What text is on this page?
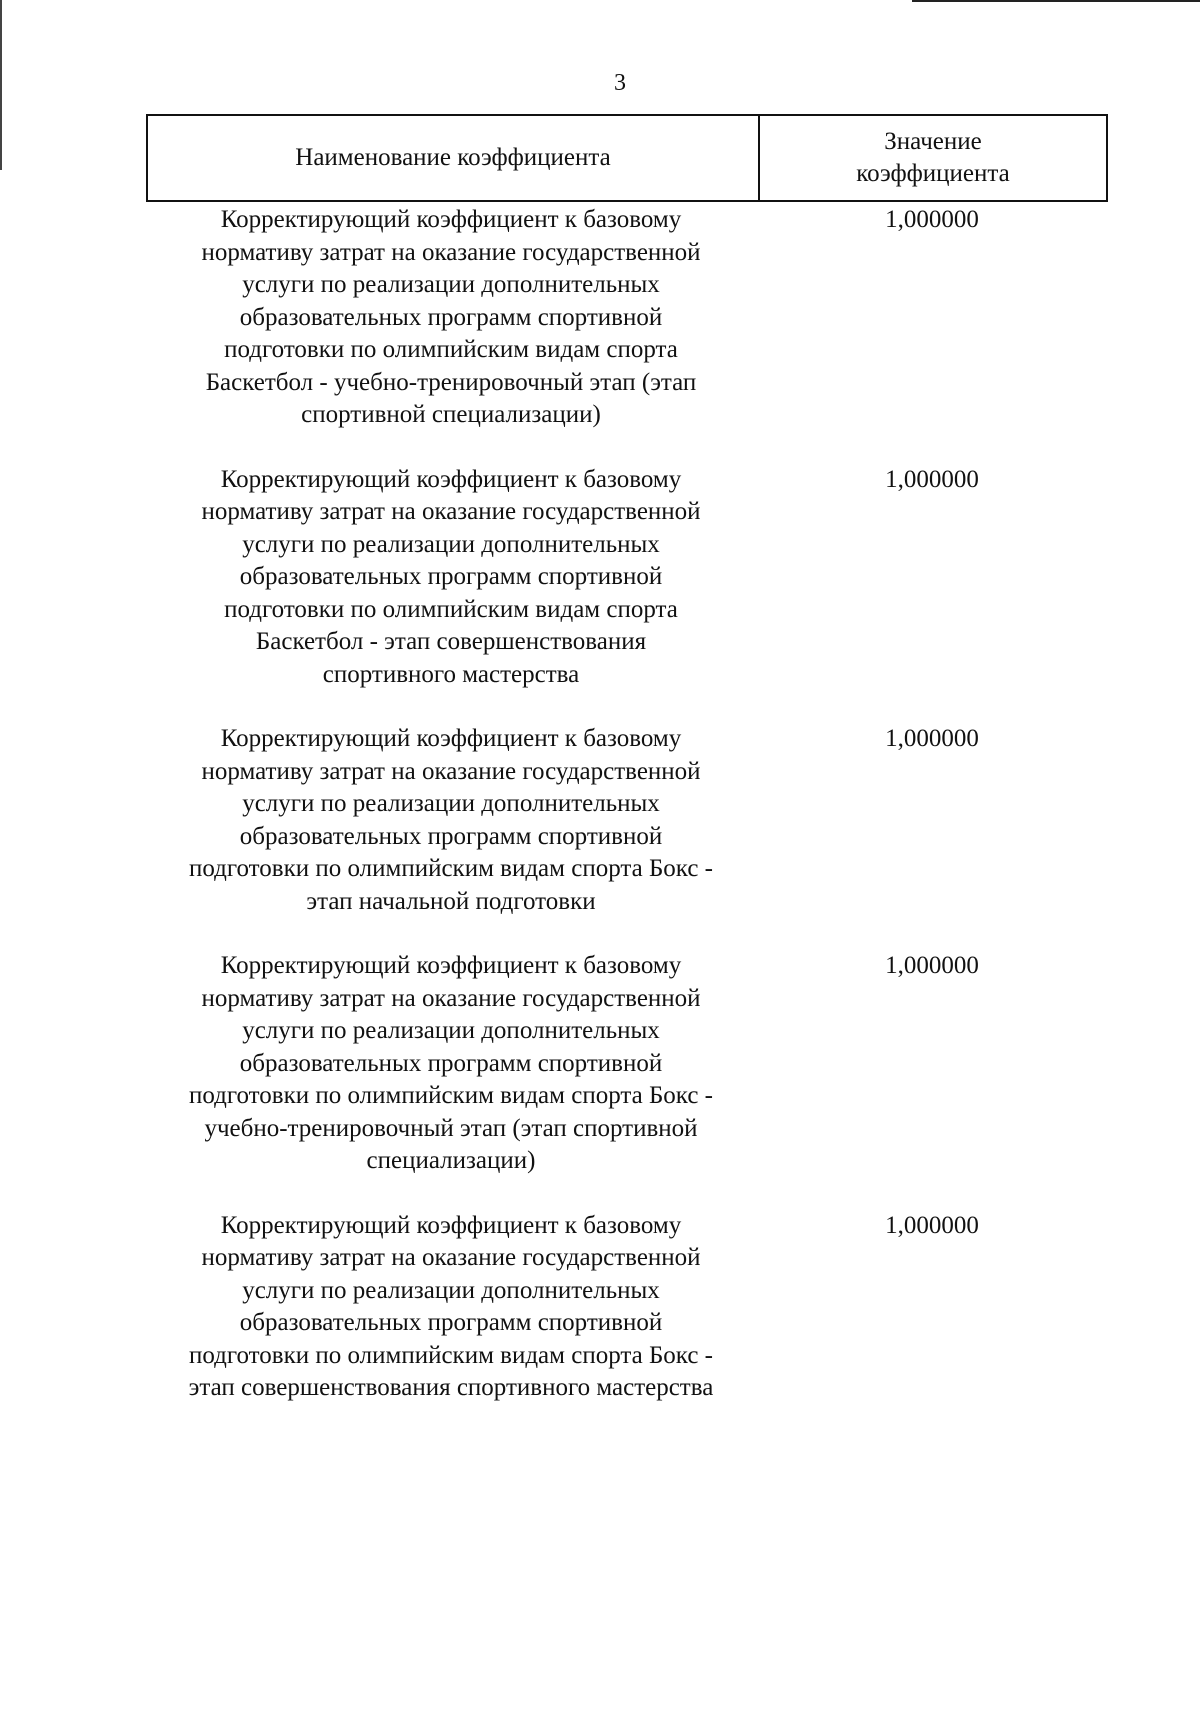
3
Наименование коэффициента
Значение
коэффициента
Корректирующий коэффициент к базовому
нормативу затрат на оказание государственной
услуги по реализации дополнительных
образовательных программ спортивной
подготовки по олимпийским видам спорта
Баскетбол - учебно-тренировочный этап (этап
спортивной специализации)
1,000000
Корректирующий коэффициент к базовому
нормативу затрат на оказание государственной
услуги по реализации дополнительных
образовательных программ спортивной
подготовки по олимпийским видам спорта
Баскетбол - этап совершенствования
спортивного мастерства
1,000000
Корректирующий коэффициент к базовому
нормативу затрат на оказание государственной
услуги по реализации дополнительных
образовательных программ спортивной
подготовки по олимпийским видам спорта Бокс -
этап начальной подготовки
1,000000
Корректирующий коэффициент к базовому
нормативу затрат на оказание государственной
услуги по реализации дополнительных
образовательных программ спортивной
подготовки по олимпийским видам спорта Бокс -
учебно-тренировочный этап (этап спортивной
специализации)
1,000000
Корректирующий коэффициент к базовому
нормативу затрат на оказание государственной
услуги по реализации дополнительных
образовательных программ спортивной
подготовки по олимпийским видам спорта Бокс -
этап совершенствования спортивного мастерства
1,000000
